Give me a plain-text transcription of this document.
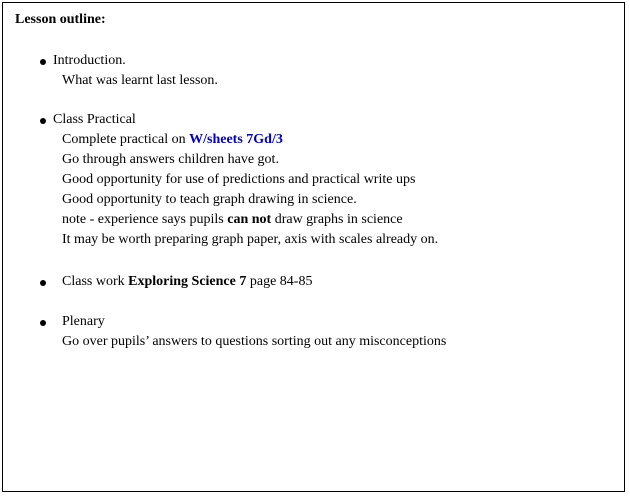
Lesson outline:
Introduction.
What was learnt last lesson.
Class Practical
Complete practical on W/sheets 7Gd/3
Go through answers children have got.
Good opportunity for use of predictions and practical write ups
Good opportunity to teach graph drawing in science.
note - experience says pupils can not draw graphs in science
It may be worth preparing graph paper, axis with scales already on.
Class work Exploring Science 7 page 84-85
Plenary
Go over pupils’ answers to questions sorting out any misconceptions
